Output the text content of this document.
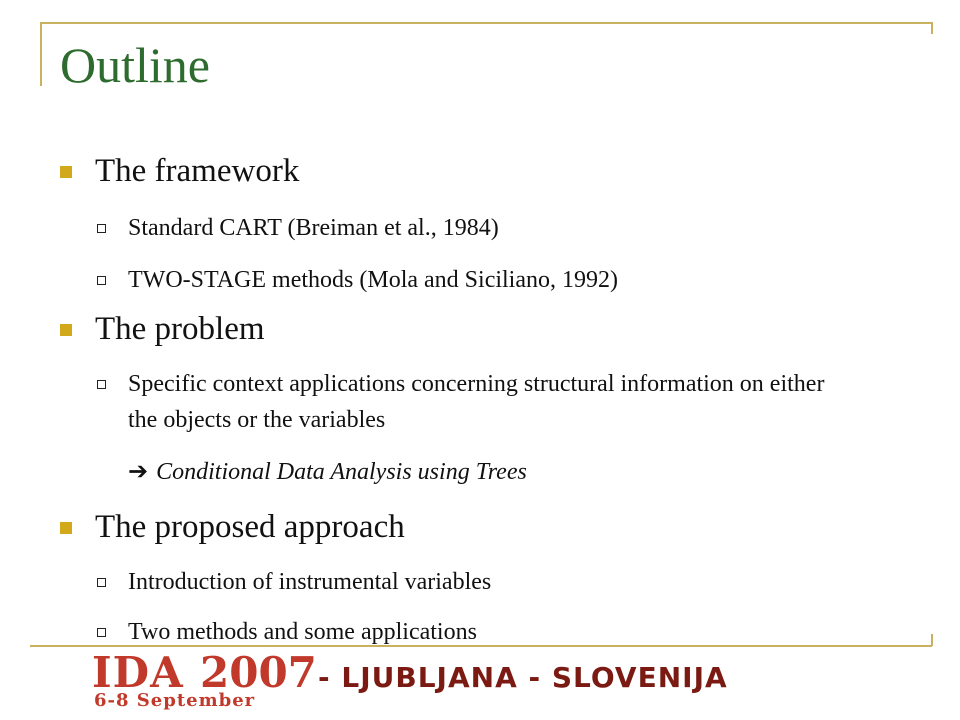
Outline
The framework
Standard CART (Breiman et al., 1984)
TWO-STAGE methods (Mola and Siciliano, 1992)
The problem
Specific context applications concerning structural information on either the objects or the variables
➔ Conditional Data Analysis using Trees
The proposed approach
Introduction of instrumental variables
Two methods and some applications
IDA 2007
6-8 September
- LJUBLJANA - SLOVENIJA
